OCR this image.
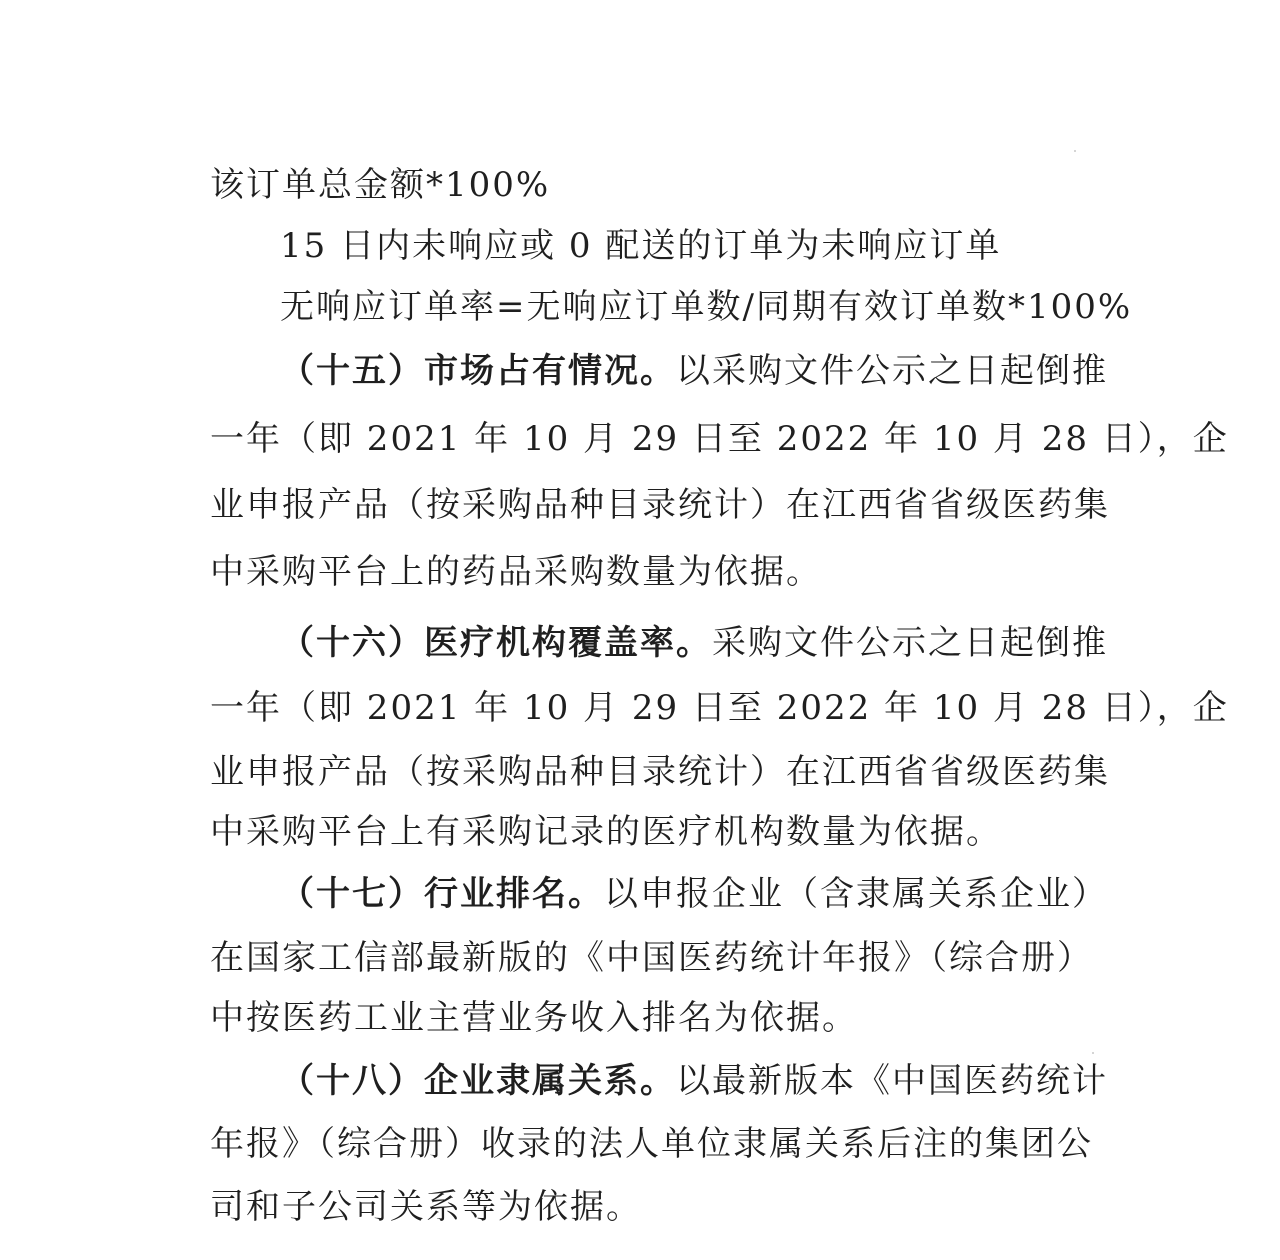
该订单总金额*100%
15 日内未响应或 0 配送的订单为未响应订单
无响应订单率=无响应订单数/同期有效订单数*100%
（十五）市场占有情况。以采购文件公示之日起倒推
一年（即 2021 年 10 月 29 日至 2022 年 10 月 28 日），企
业申报产品（按采购品种目录统计）在江西省省级医药集
中采购平台上的药品采购数量为依据。
（十六）医疗机构覆盖率。采购文件公示之日起倒推
一年（即 2021 年 10 月 29 日至 2022 年 10 月 28 日），企
业申报产品（按采购品种目录统计）在江西省省级医药集
中采购平台上有采购记录的医疗机构数量为依据。
（十七）行业排名。以申报企业（含隶属关系企业）
在国家工信部最新版的《中国医药统计年报》（综合册）
中按医药工业主营业务收入排名为依据。
（十八）企业隶属关系。以最新版本《中国医药统计
年报》（综合册）收录的法人单位隶属关系后注的集团公
司和子公司关系等为依据。
